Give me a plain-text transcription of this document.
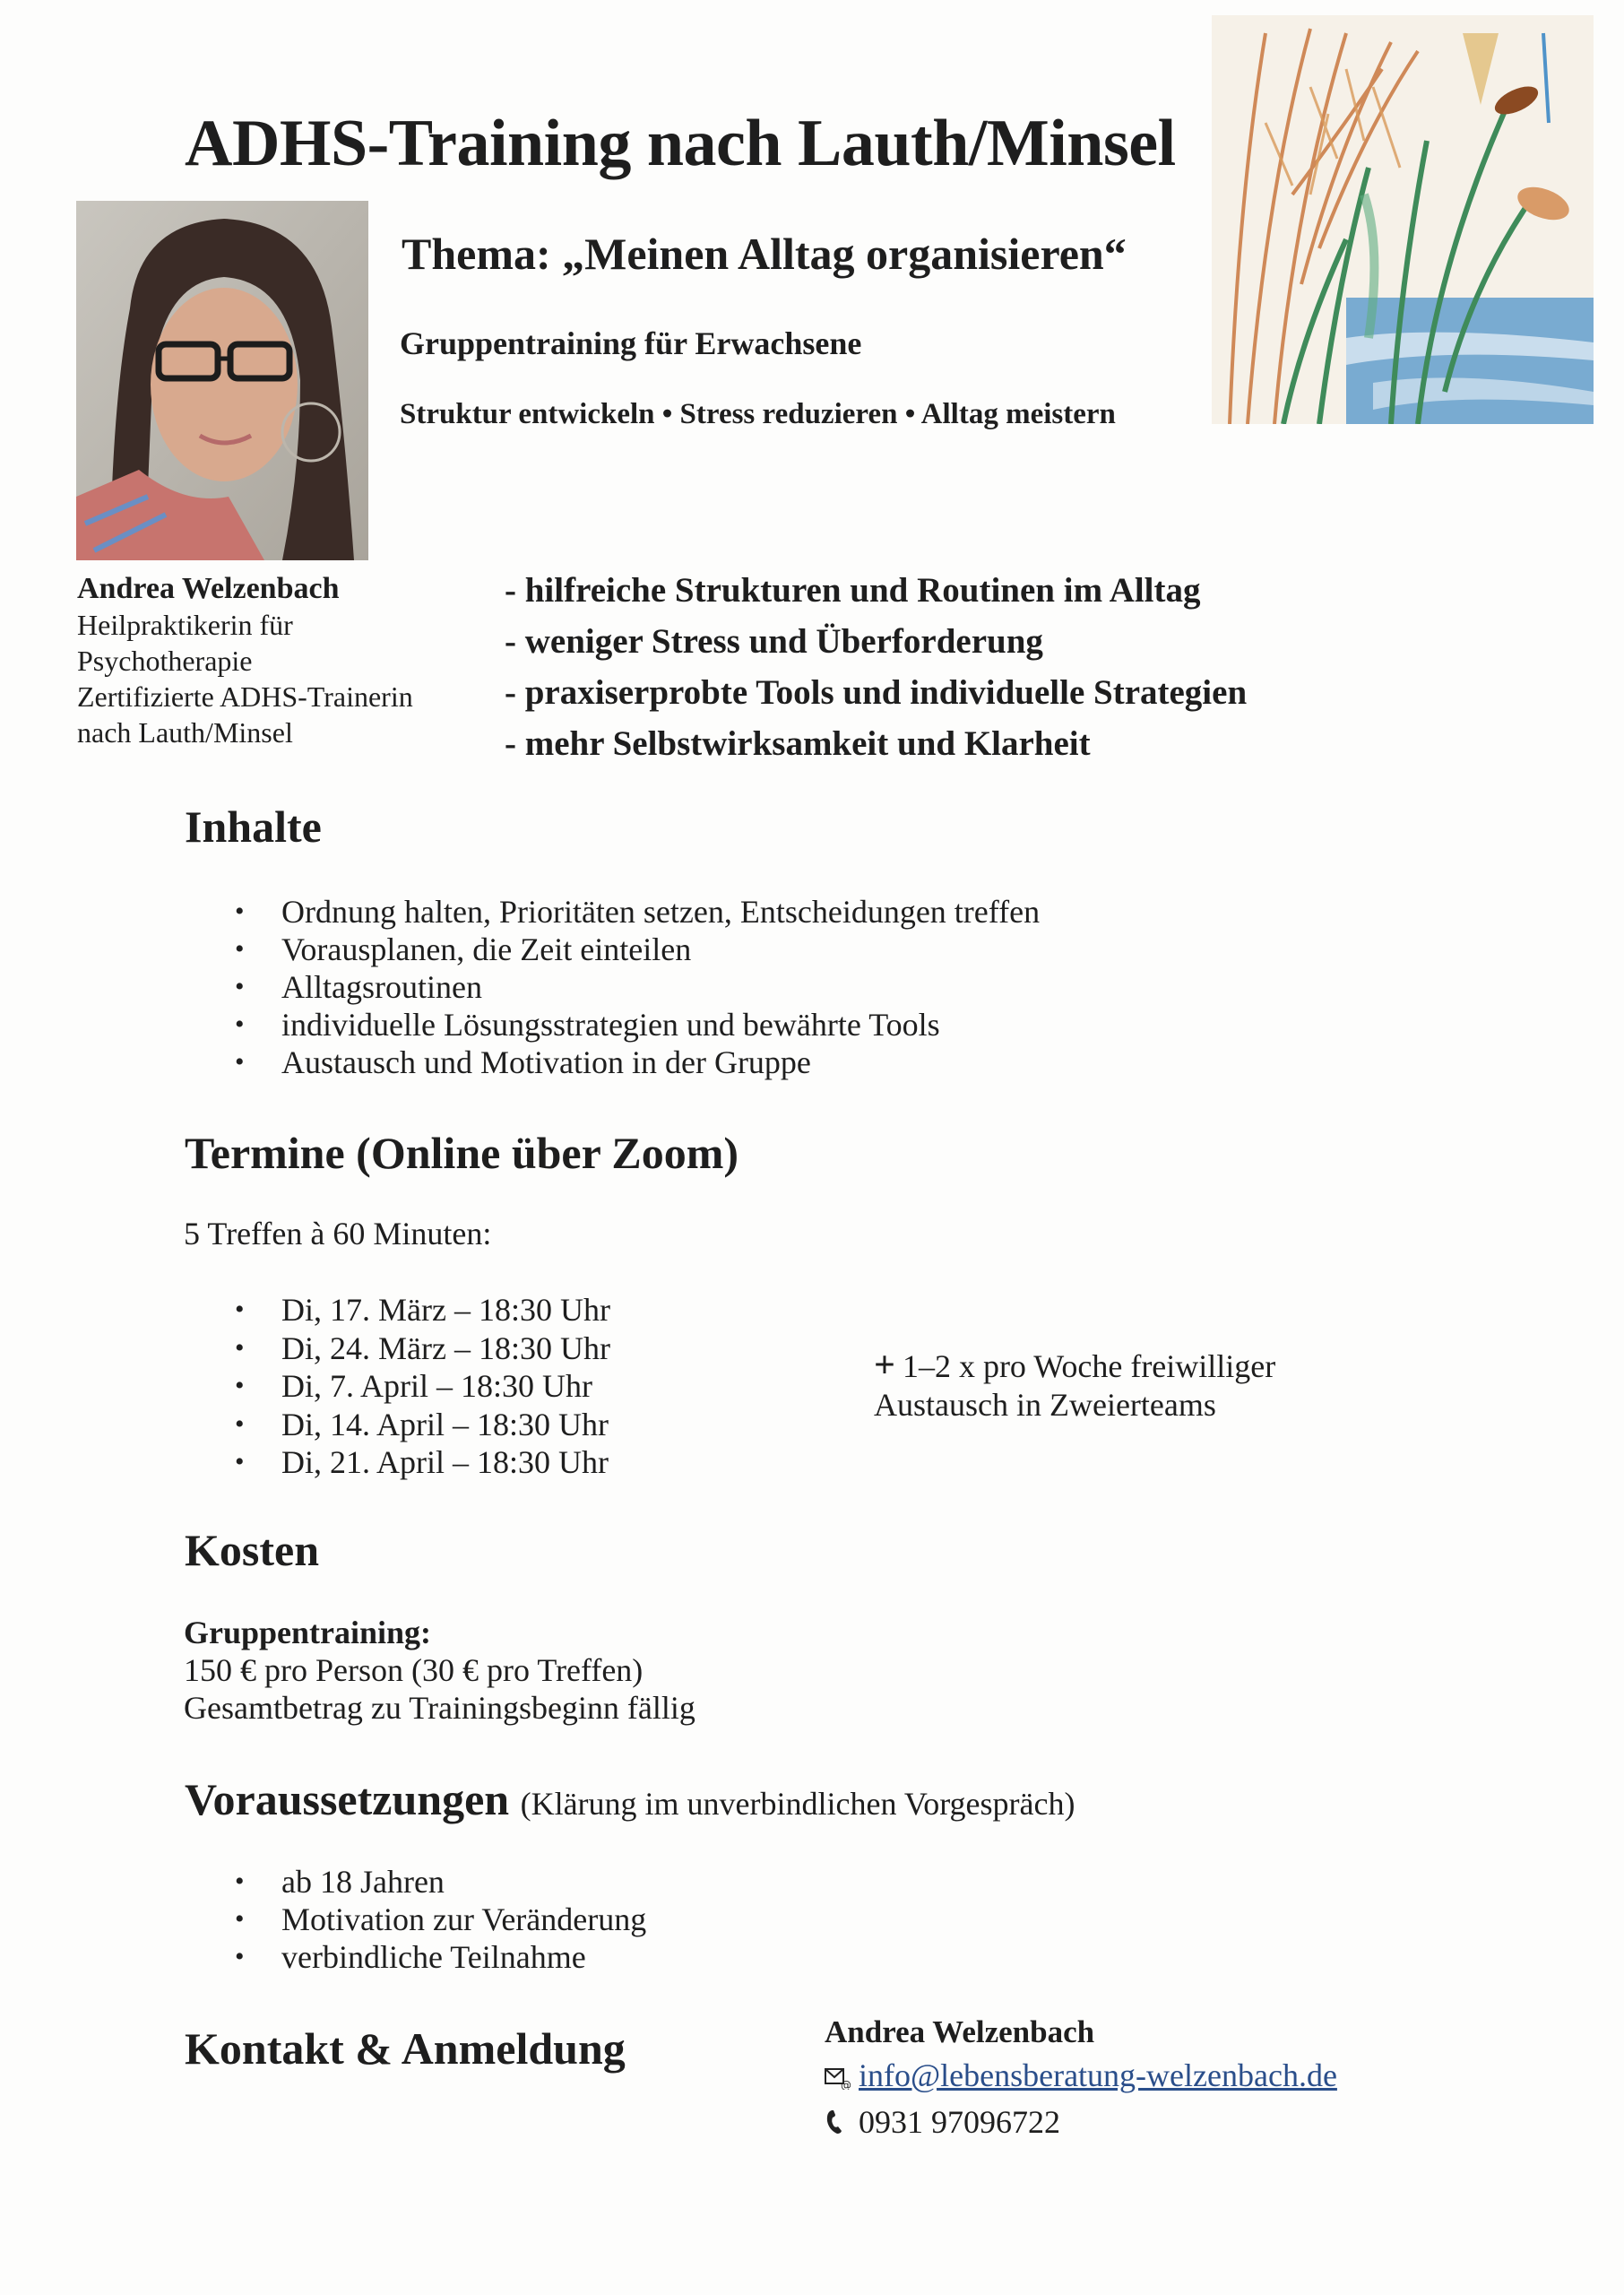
ADHS-Training nach Lauth/Minsel
Thema: „Meinen Alltag organisieren“
Gruppentraining für Erwachsene
Struktur entwickeln • Stress reduzieren • Alltag meistern
Andrea Welzenbach
Heilpraktikerin für
Psychotherapie
Zertifizierte ADHS-Trainerin
nach Lauth/Minsel
- hilfreiche Strukturen und Routinen im Alltag
- weniger Stress und Überforderung
- praxiserprobte Tools und individuelle Strategien
- mehr Selbstwirksamkeit und Klarheit
Inhalte
• Ordnung halten, Prioritäten setzen, Entscheidungen treffen
• Vorausplanen, die Zeit einteilen
• Alltagsroutinen
• individuelle Lösungsstrategien und bewährte Tools
• Austausch und Motivation in der Gruppe
Termine (Online über Zoom)
5 Treffen à 60 Minuten:
• Di, 17. März – 18:30 Uhr
• Di, 24. März – 18:30 Uhr
• Di, 7. April – 18:30 Uhr
• Di, 14. April – 18:30 Uhr
• Di, 21. April – 18:30 Uhr
+ 1–2 x pro Woche freiwilliger
Austausch in Zweierteams
Kosten
Gruppentraining:
150 € pro Person (30 € pro Treffen)
Gesamtbetrag zu Trainingsbeginn fällig
Voraussetzungen (Klärung im unverbindlichen Vorgespräch)
• ab 18 Jahren
• Motivation zur Veränderung
• verbindliche Teilnahme
Kontakt & Anmeldung	Andrea Welzenbach
@ info@lebensberatung-welzenbach.de
0931 97096722
